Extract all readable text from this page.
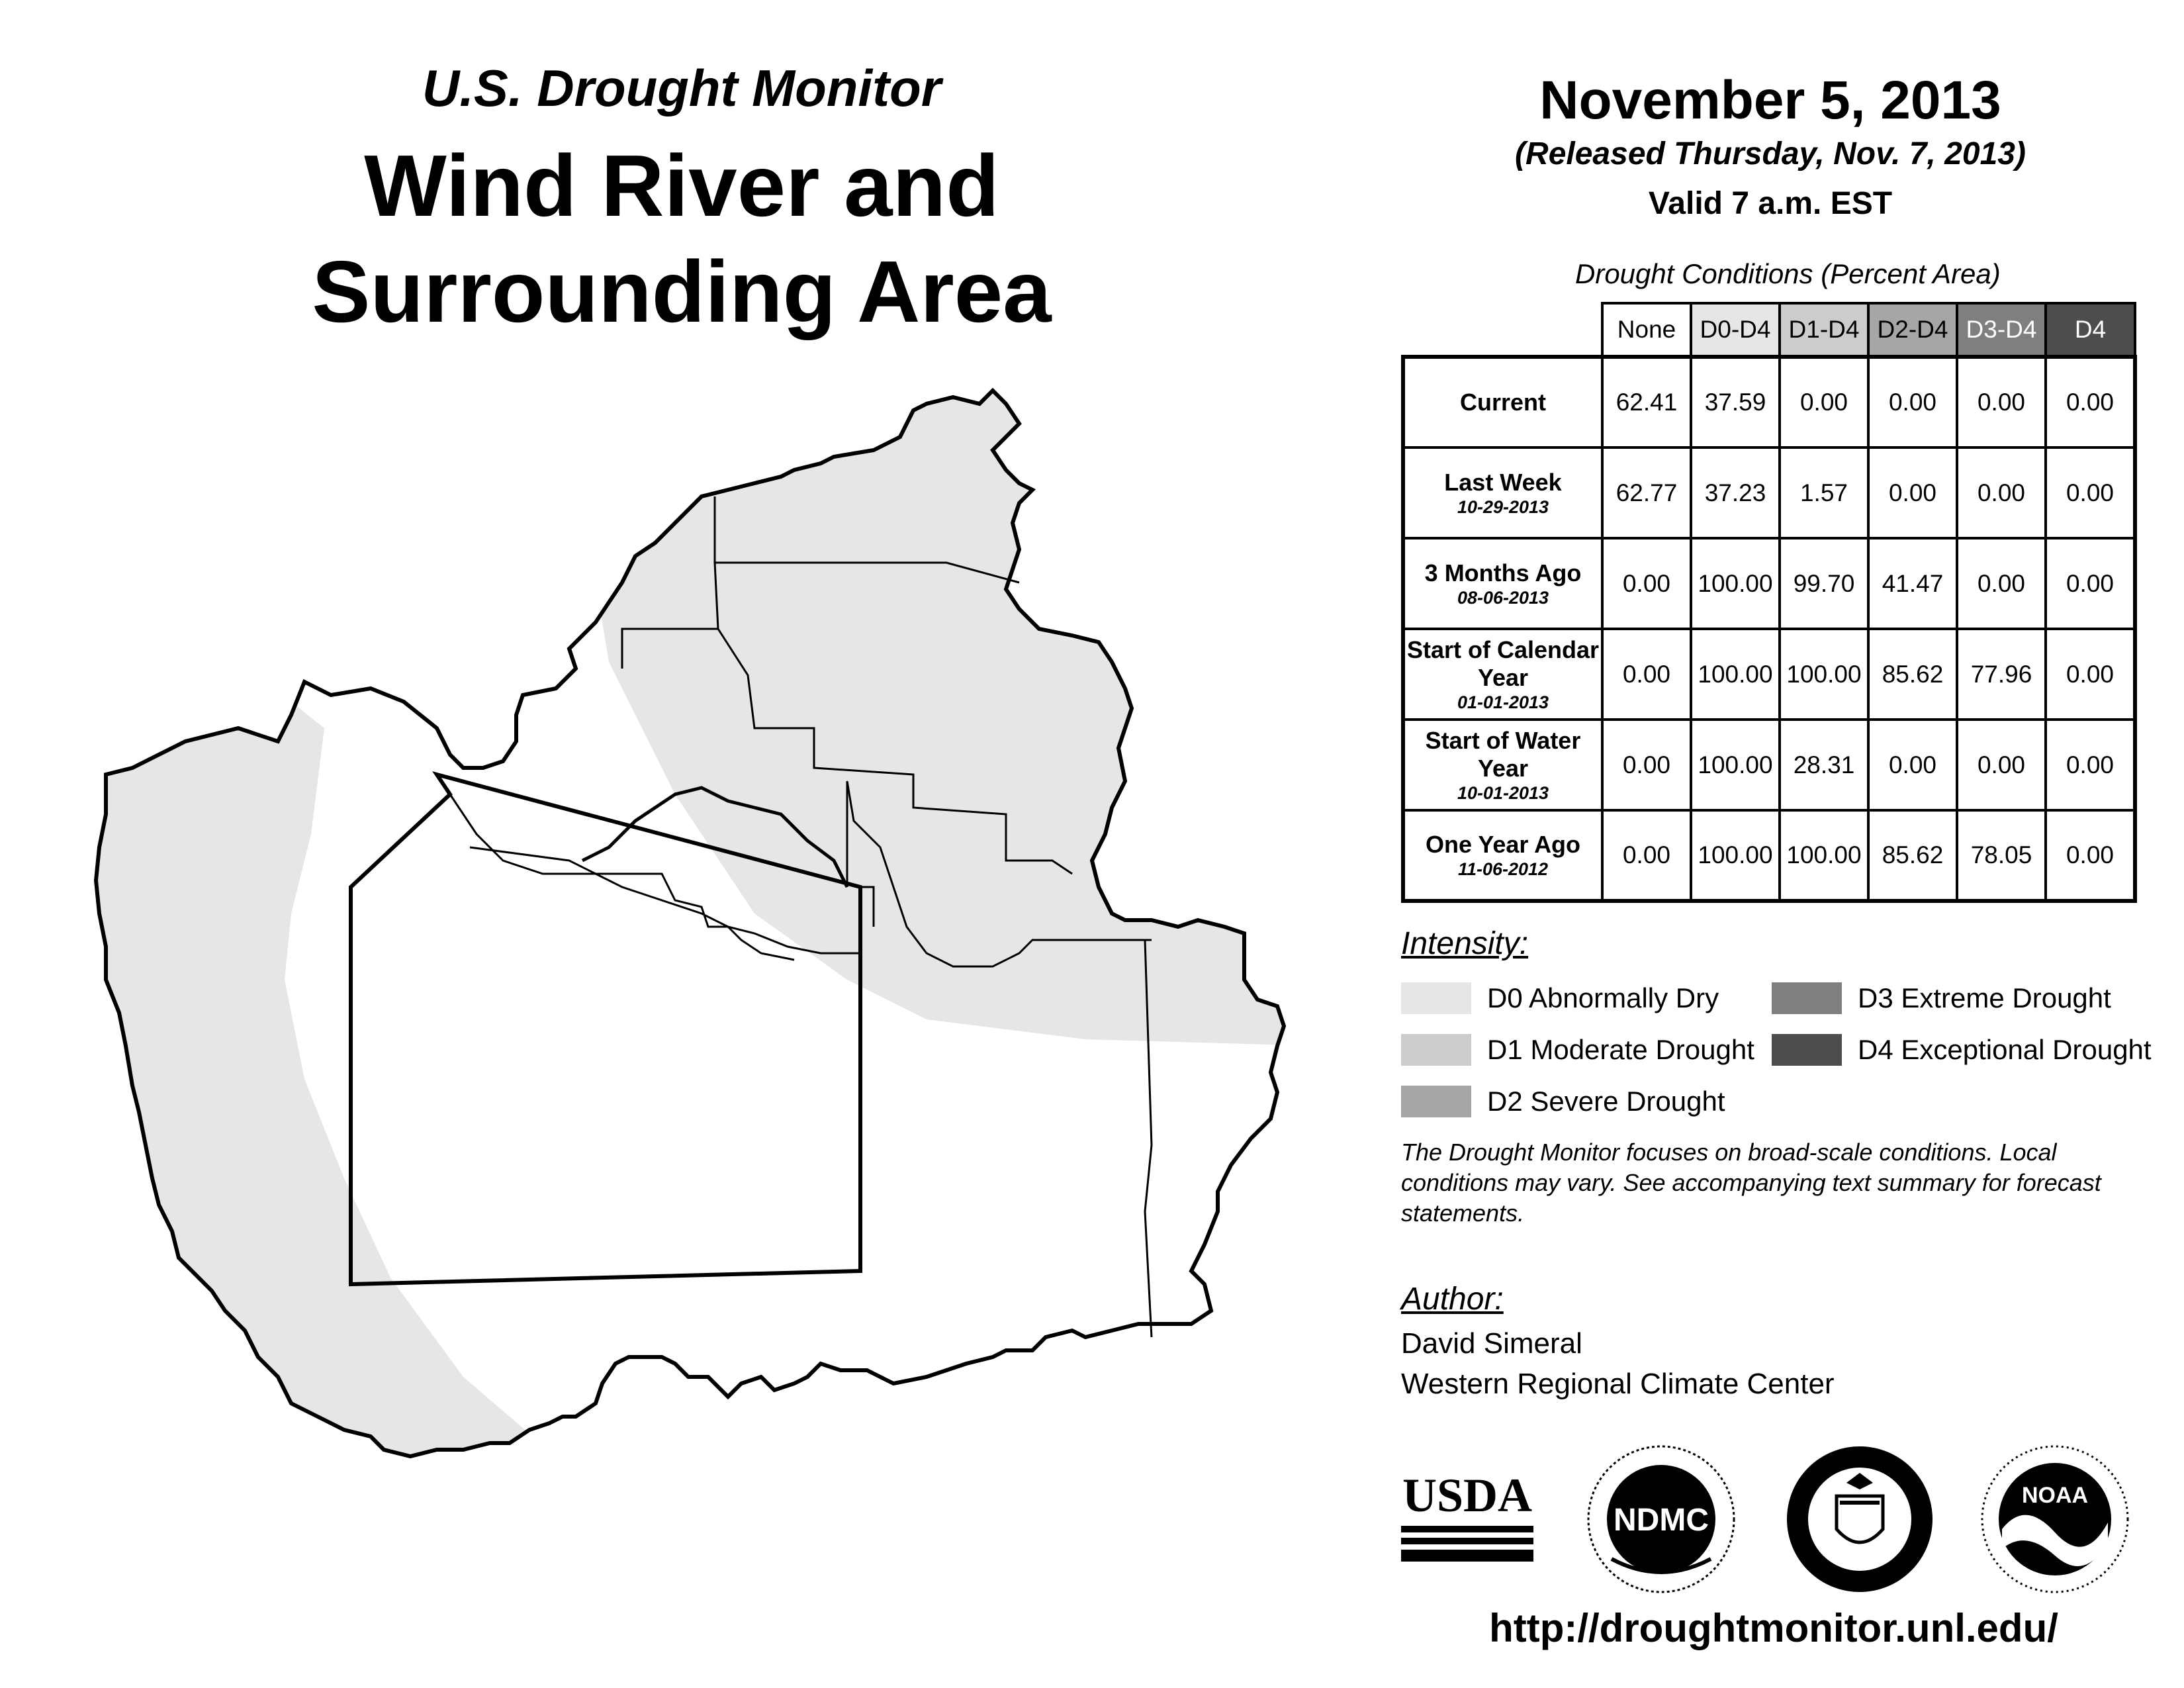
U.S. Drought Monitor
Wind River and
Surrounding Area
November 5, 2013
(Released Thursday, Nov. 7, 2013)
Valid 7 a.m. EST
Drought Conditions (Percent Area)
	None	D0-D4	D1-D4	D2-D4	D3-D4	D4
Current	62.41	37.59	0.00	0.00	0.00	0.00
Last Week
10-29-2013	62.77	37.23	1.57	0.00	0.00	0.00
3 Months Ago
08-06-2013	0.00	100.00	99.70	41.47	0.00	0.00
Start of Calendar Year
01-01-2013	0.00	100.00	100.00	85.62	77.96	0.00
Start of Water Year
10-01-2013	0.00	100.00	28.31	0.00	0.00	0.00
One Year Ago
11-06-2012	0.00	100.00	100.00	85.62	78.05	0.00
Intensity:
D0 Abnormally Dry
D1 Moderate Drought
D2 Severe Drought
D3 Extreme Drought
D4 Exceptional Drought
The Drought Monitor focuses on broad-scale conditions. Local conditions may vary. See accompanying text summary for forecast statements.
Author:
David Simeral
Western Regional Climate Center
USDA	NDMC
NOAA
http://droughtmonitor.unl.edu/
